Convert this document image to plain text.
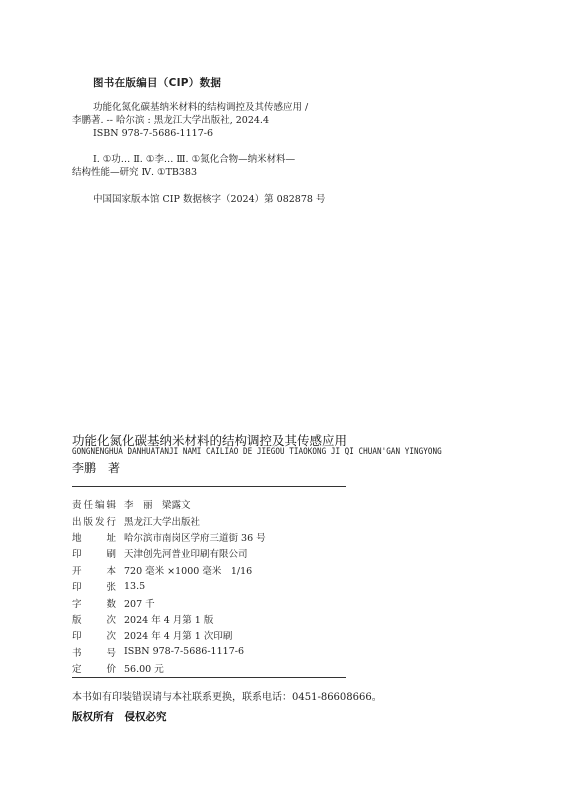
图书在版编目（CIP）数据
功能化氮化碳基纳米材料的结构调控及其传感应用 /
李鹏著. -- 哈尔滨 : 黑龙江大学出版社, 2024.4
ISBN 978-7-5686-1117-6
Ⅰ. ①功… Ⅱ. ①李… Ⅲ. ①氮化合物—纳米材料—
结构性能—研究 Ⅳ. ①TB383
中国国家版本馆 CIP 数据核字（2024）第 082878 号
功能化氮化碳基纳米材料的结构调控及其传感应用
GONGNENGHUA DANHUATANJI NAMI CAILIAO DE JIEGOU TIAOKONG JI QI CHUAN'GAN YINGYONG
李鹏　著
责 任 编 辑 李　丽　梁露文
出 版 发 行 黑龙江大学出版社
地	址 哈尔滨市南岗区学府三道街 36 号
印	刷 天津创先河普业印刷有限公司
开	本 720 毫米 ×1000 毫米　1/16
印	张 13.5
字	数 207 千
版	次 2024 年 4 月第 1 版
印	次 2024 年 4 月第 1 次印刷
书	号 ISBN 978-7-5686-1117-6
定	价 56.00 元
本书如有印装错误请与本社联系更换，联系电话：0451-86608666。
版权所有　侵权必究
